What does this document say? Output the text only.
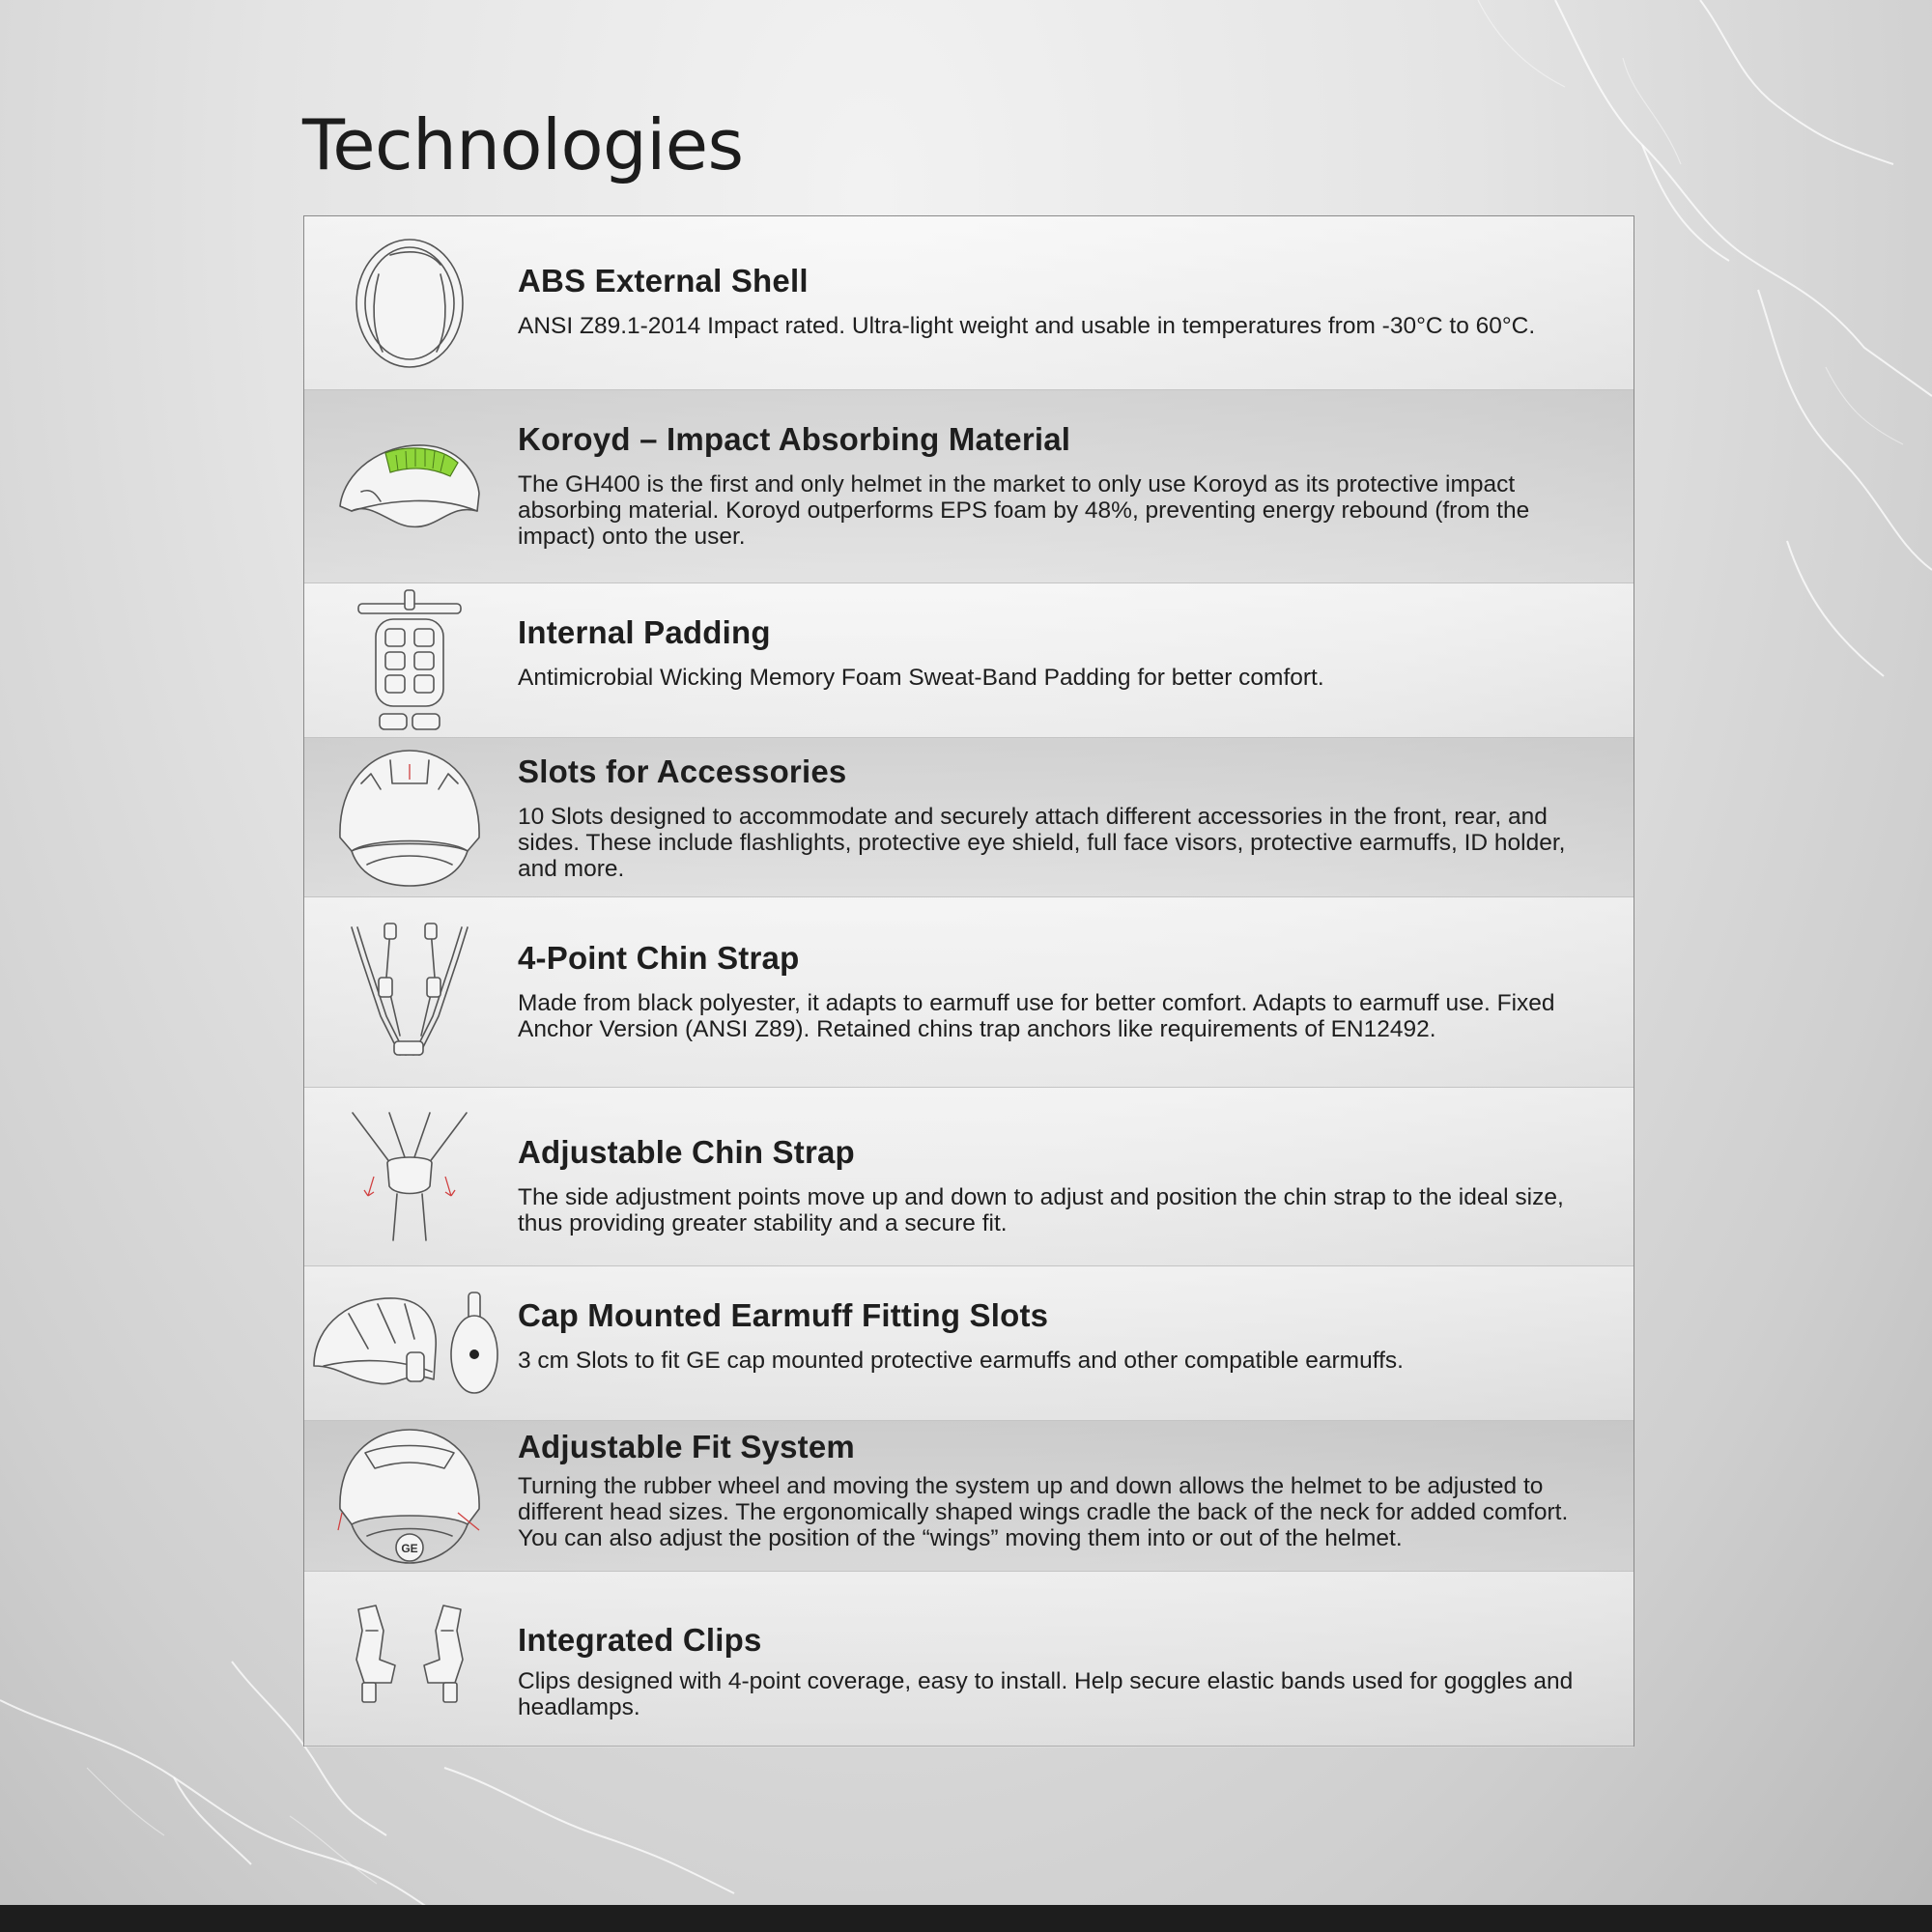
Technologies
ABS External Shell
ANSI Z89.1-2014 Impact rated. Ultra-light weight and usable in temperatures from -30°C to 60°C.
Koroyd – Impact Absorbing Material
The GH400 is the first and only helmet in the market to only use Koroyd as its protective impact absorbing material. Koroyd outperforms EPS foam by 48%, preventing energy rebound (from the impact) onto the user.
Internal Padding
Antimicrobial Wicking Memory Foam Sweat-Band Padding for better comfort.
Slots for Accessories
10 Slots designed to accommodate and securely attach different accessories in the front, rear, and sides. These include flashlights, protective eye shield, full face visors, protective earmuffs, ID holder, and more.
4-Point Chin Strap
Made from black polyester, it adapts to earmuff use for better comfort. Adapts to earmuff use. Fixed Anchor Version (ANSI Z89). Retained chins trap anchors like requirements of EN12492.
Adjustable Chin Strap
The side adjustment points move up and down to adjust and position the chin strap to the ideal size, thus providing greater stability and a secure fit.
Cap Mounted Earmuff Fitting Slots
3 cm Slots to fit GE cap mounted protective earmuffs and other compatible earmuffs.
GE
Adjustable Fit System
Turning the rubber wheel and moving the system up and down allows the helmet to be adjusted to different head sizes. The ergonomically shaped wings cradle the back of the neck for added comfort. You can also adjust the position of the “wings” moving them into or out of the helmet.
Integrated Clips
Clips designed with 4-point coverage, easy to install. Help secure elastic bands used for goggles and headlamps.
